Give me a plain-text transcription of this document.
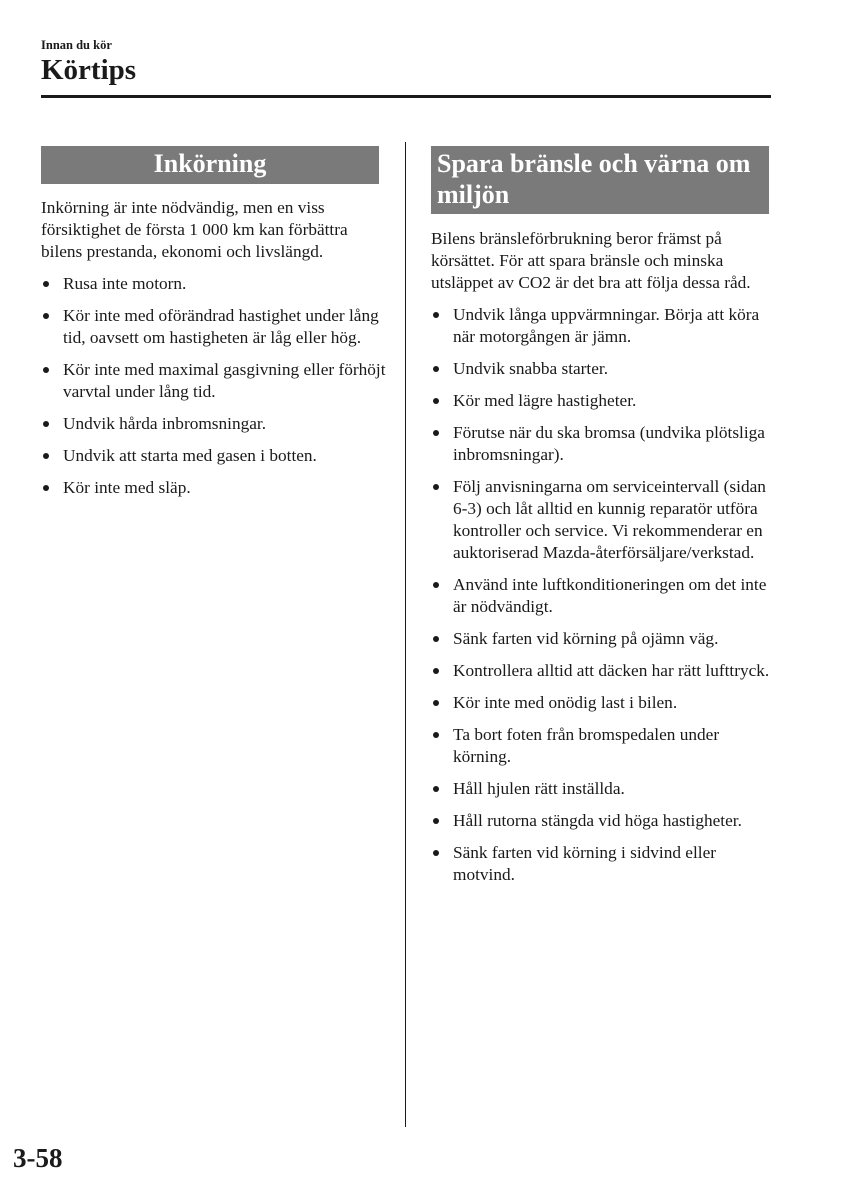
Innan du kör
Körtips
Inkörning	Spara bränsle och värna om miljön

Inkörning är inte nödvändig, men en viss försiktighet de första 1 000 km kan förbättra bilens prestanda, ekonomi och livslängd.

Rusa inte motorn.
Kör inte med oförändrad hastighet under lång tid, oavsett om hastigheten är låg eller hög.
Kör inte med maximal gasgivning eller förhöjt varvtal under lång tid.
Undvik hårda inbromsningar.
Undvik att starta med gasen i botten.
Kör inte med släp.

Bilens bränsleförbrukning beror främst på körsättet. För att spara bränsle och minska utsläppet av CO2 är det bra att följa dessa råd.

Undvik långa uppvärmningar. Börja att köra när motorgången är jämn.
Undvik snabba starter.
Kör med lägre hastigheter.
Förutse när du ska bromsa (undvika plötsliga inbromsningar).
Följ anvisningarna om serviceintervall (sidan 6-3) och låt alltid en kunnig reparatör utföra kontroller och service. Vi rekommenderar en auktoriserad Mazda-återförsäljare/verkstad.
Använd inte luftkonditioneringen om det inte är nödvändigt.
Sänk farten vid körning på ojämn väg.
Kontrollera alltid att däcken har rätt lufttryck.
Kör inte med onödig last i bilen.
Ta bort foten från bromspedalen under körning.
Håll hjulen rätt inställda.
Håll rutorna stängda vid höga hastigheter.
Sänk farten vid körning i sidvind eller motvind.
3-58
